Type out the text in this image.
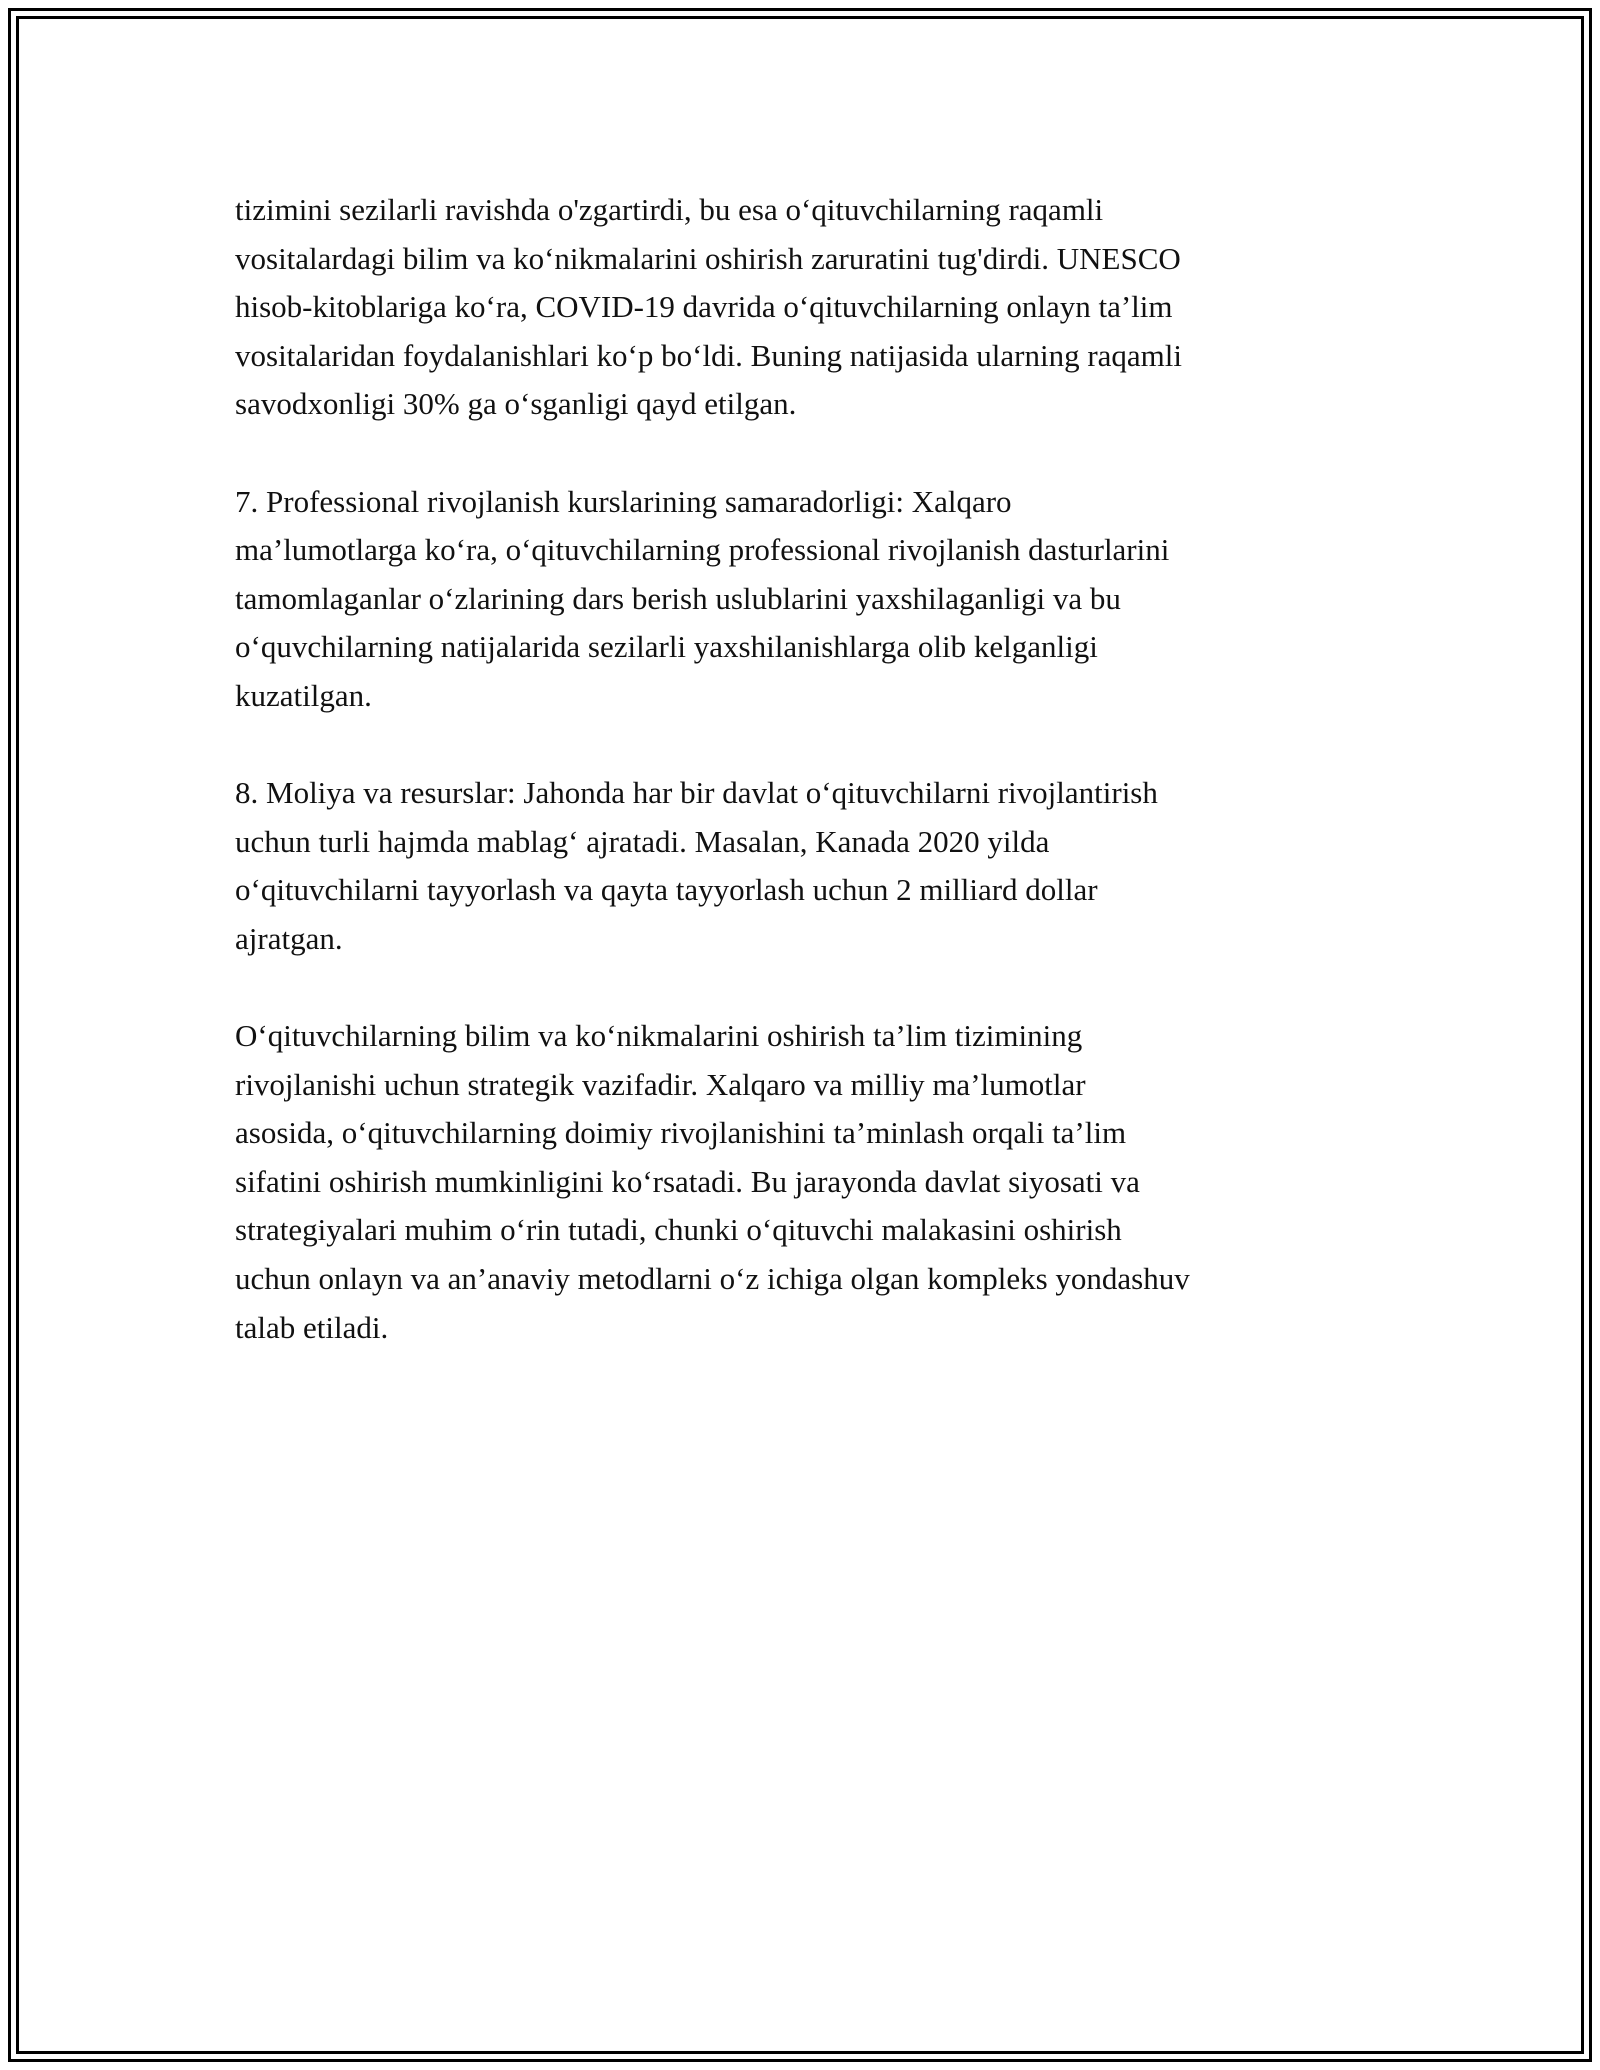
tizimini sezilarli ravishda o'zgartirdi, bu esa o‘qituvchilarning raqamli
vositalardagi bilim va ko‘nikmalarini oshirish zaruratini tug'dirdi. UNESCO
hisob-kitoblariga ko‘ra, COVID-19 davrida o‘qituvchilarning onlayn ta’lim
vositalaridan foydalanishlari ko‘p bo‘ldi. Buning natijasida ularning raqamli
savodxonligi 30% ga o‘sganligi qayd etilgan.

7. Professional rivojlanish kurslarining samaradorligi: Xalqaro
ma’lumotlarga ko‘ra, o‘qituvchilarning professional rivojlanish dasturlarini
tamomlaganlar o‘zlarining dars berish uslublarini yaxshilaganligi va bu
o‘quvchilarning natijalarida sezilarli yaxshilanishlarga olib kelganligi
kuzatilgan.

8. Moliya va resurslar: Jahonda har bir davlat o‘qituvchilarni rivojlantirish
uchun turli hajmda mablag‘ ajratadi. Masalan, Kanada 2020 yilda
o‘qituvchilarni tayyorlash va qayta tayyorlash uchun 2 milliard dollar
ajratgan.

O‘qituvchilarning bilim va ko‘nikmalarini oshirish ta’lim tizimining
rivojlanishi uchun strategik vazifadir. Xalqaro va milliy ma’lumotlar
asosida, o‘qituvchilarning doimiy rivojlanishini ta’minlash orqali ta’lim
sifatini oshirish mumkinligini ko‘rsatadi. Bu jarayonda davlat siyosati va
strategiyalari muhim o‘rin tutadi, chunki o‘qituvchi malakasini oshirish
uchun onlayn va an’anaviy metodlarni o‘z ichiga olgan kompleks yondashuv
talab etiladi.
